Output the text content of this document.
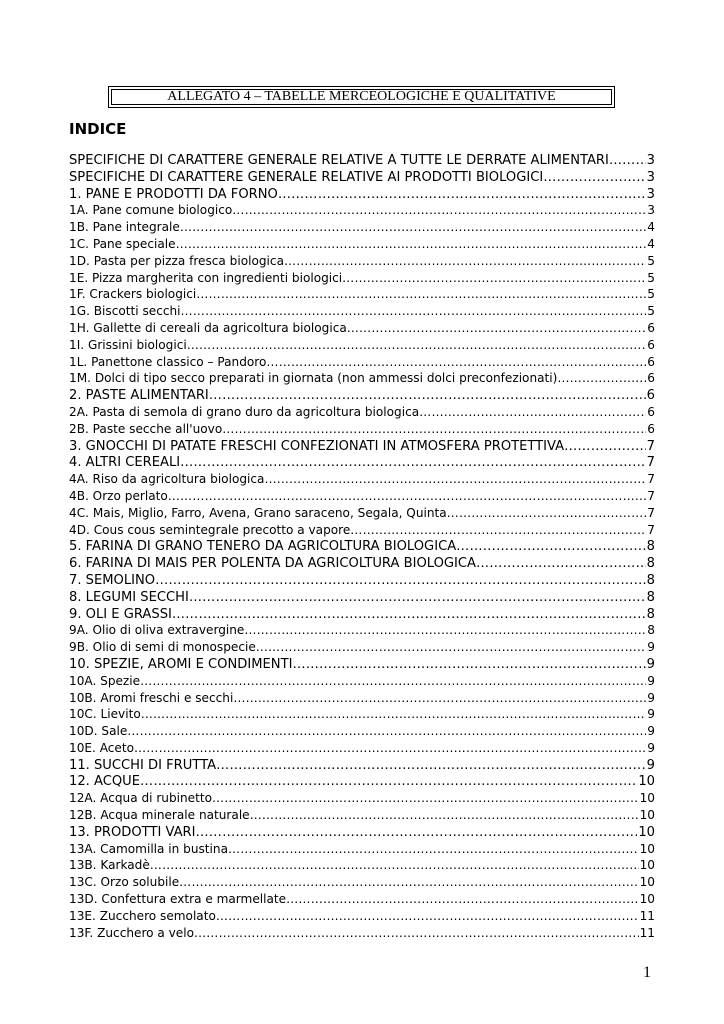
ALLEGATO 4 – TABELLE MERCEOLOGICHE E QUALITATIVE
INDICE
SPECIFICHE DI CARATTERE GENERALE RELATIVE A TUTTE LE DERRATE ALIMENTARI ……………………………………………………………………………………………………………………………………………………………………………………………………………………	3
SPECIFICHE DI CARATTERE GENERALE RELATIVE AI PRODOTTI BIOLOGICI ……………………………………………………………………………………………………………………………………………………………………………………………………………………	3
1. PANE E PRODOTTI DA FORNO ……………………………………………………………………………………………………………………………………………………………………………………………………………………	3
1A. Pane comune biologico ……………………………………………………………………………………………………………………………………………………………………………………………………………………	3
1B. Pane integrale ……………………………………………………………………………………………………………………………………………………………………………………………………………………	4
1C. Pane speciale ……………………………………………………………………………………………………………………………………………………………………………………………………………………	4
1D. Pasta per pizza fresca biologica ……………………………………………………………………………………………………………………………………………………………………………………………………………………	5
1E. Pizza margherita con ingredienti biologici ……………………………………………………………………………………………………………………………………………………………………………………………………………………	5
1F. Crackers biologici ……………………………………………………………………………………………………………………………………………………………………………………………………………………	5
1G. Biscotti secchi ……………………………………………………………………………………………………………………………………………………………………………………………………………………	5
1H. Gallette di cereali da agricoltura biologica ……………………………………………………………………………………………………………………………………………………………………………………………………………………	6
1I. Grissini biologici ……………………………………………………………………………………………………………………………………………………………………………………………………………………	6
1L. Panettone classico – Pandoro ……………………………………………………………………………………………………………………………………………………………………………………………………………………	6
1M. Dolci di tipo secco preparati in giornata (non ammessi dolci preconfezionati) ……………………………………………………………………………………………………………………………………………………………………………………………………………………	6
2. PASTE ALIMENTARI ……………………………………………………………………………………………………………………………………………………………………………………………………………………	6
2A. Pasta di semola di grano duro da agricoltura biologica ……………………………………………………………………………………………………………………………………………………………………………………………………………………	6
2B. Paste secche all'uovo ……………………………………………………………………………………………………………………………………………………………………………………………………………………	6
3. GNOCCHI DI PATATE FRESCHI CONFEZIONATI IN ATMOSFERA PROTETTIVA ……………………………………………………………………………………………………………………………………………………………………………………………………………………	7
4. ALTRI CEREALI ……………………………………………………………………………………………………………………………………………………………………………………………………………………	7
4A. Riso da agricoltura biologica ……………………………………………………………………………………………………………………………………………………………………………………………………………………	7
4B. Orzo perlato ……………………………………………………………………………………………………………………………………………………………………………………………………………………	7
4C. Mais, Miglio, Farro, Avena, Grano saraceno, Segala, Quinta ……………………………………………………………………………………………………………………………………………………………………………………………………………………	7
4D. Cous cous semintegrale precotto a vapore ……………………………………………………………………………………………………………………………………………………………………………………………………………………	7
5. FARINA DI GRANO TENERO DA AGRICOLTURA BIOLOGICA ……………………………………………………………………………………………………………………………………………………………………………………………………………………	8
6. FARINA DI MAIS PER POLENTA DA AGRICOLTURA BIOLOGICA ……………………………………………………………………………………………………………………………………………………………………………………………………………………	8
7. SEMOLINO ……………………………………………………………………………………………………………………………………………………………………………………………………………………	8
8. LEGUMI SECCHI ……………………………………………………………………………………………………………………………………………………………………………………………………………………	8
9. OLI E GRASSI ……………………………………………………………………………………………………………………………………………………………………………………………………………………	8
9A. Olio di oliva extravergine ……………………………………………………………………………………………………………………………………………………………………………………………………………………	8
9B. Olio di semi di monospecie ……………………………………………………………………………………………………………………………………………………………………………………………………………………	9
10. SPEZIE, AROMI E CONDIMENTI ……………………………………………………………………………………………………………………………………………………………………………………………………………………	9
10A. Spezie ……………………………………………………………………………………………………………………………………………………………………………………………………………………	9
10B. Aromi freschi e secchi ……………………………………………………………………………………………………………………………………………………………………………………………………………………	9
10C. Lievito ……………………………………………………………………………………………………………………………………………………………………………………………………………………	9
10D. Sale ……………………………………………………………………………………………………………………………………………………………………………………………………………………	9
10E. Aceto ……………………………………………………………………………………………………………………………………………………………………………………………………………………	9
11. SUCCHI DI FRUTTA ……………………………………………………………………………………………………………………………………………………………………………………………………………………	9
12. ACQUE ……………………………………………………………………………………………………………………………………………………………………………………………………………………	10
12A. Acqua di rubinetto ……………………………………………………………………………………………………………………………………………………………………………………………………………………	10
12B. Acqua minerale naturale ……………………………………………………………………………………………………………………………………………………………………………………………………………………	10
13. PRODOTTI VARI ……………………………………………………………………………………………………………………………………………………………………………………………………………………	10
13A. Camomilla in bustina ……………………………………………………………………………………………………………………………………………………………………………………………………………………	10
13B. Karkadè ……………………………………………………………………………………………………………………………………………………………………………………………………………………	10
13C. Orzo solubile ……………………………………………………………………………………………………………………………………………………………………………………………………………………	10
13D. Confettura extra e marmellate ……………………………………………………………………………………………………………………………………………………………………………………………………………………	10
13E. Zucchero semolato ……………………………………………………………………………………………………………………………………………………………………………………………………………………	11
13F. Zucchero a velo ……………………………………………………………………………………………………………………………………………………………………………………………………………………	11
1
